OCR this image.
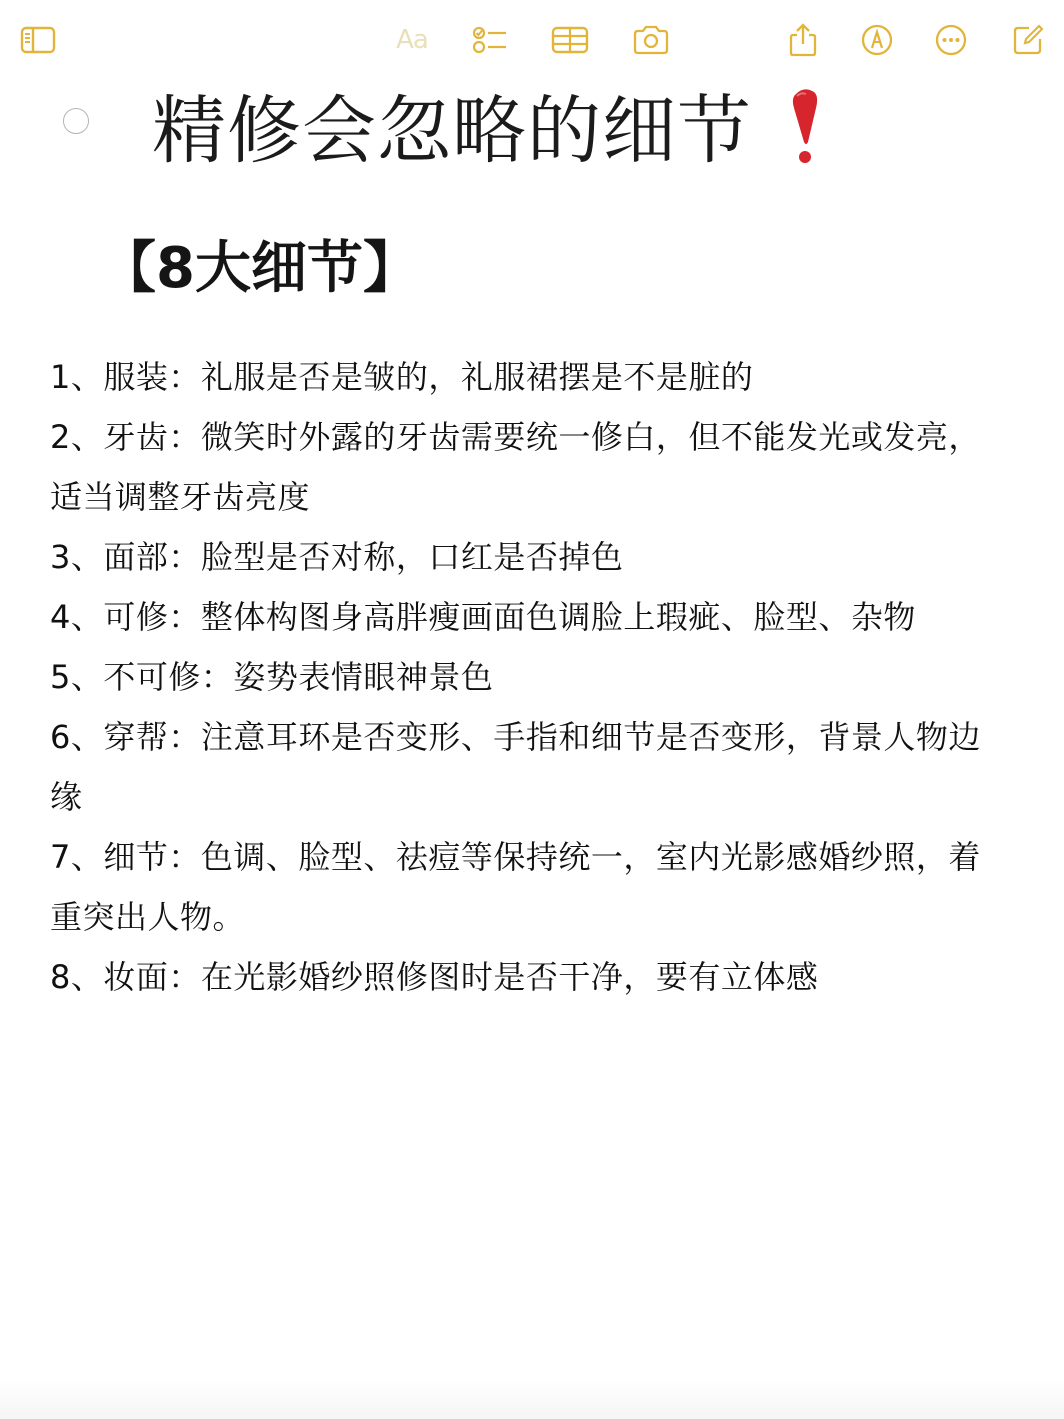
Aa
精修会忽略的细节
【8大细节】

1、服装：礼服是否是皱的，礼服裙摆是不是脏的

2、牙齿：微笑时外露的牙齿需要统一修白，但不能发光或发亮，适当调整牙齿亮度

3、面部：脸型是否对称，口红是否掉色

4、可修：整体构图身高胖瘦画面色调脸上瑕疵、脸型、杂物

5、不可修：姿势表情眼神景色

6、穿帮：注意耳环是否变形、手指和细节是否变形，背景人物边缘

7、细节：色调、脸型、祛痘等保持统一，室内光影感婚纱照，着重突出人物。

8、妆面：在光影婚纱照修图时是否干净，要有立体感
